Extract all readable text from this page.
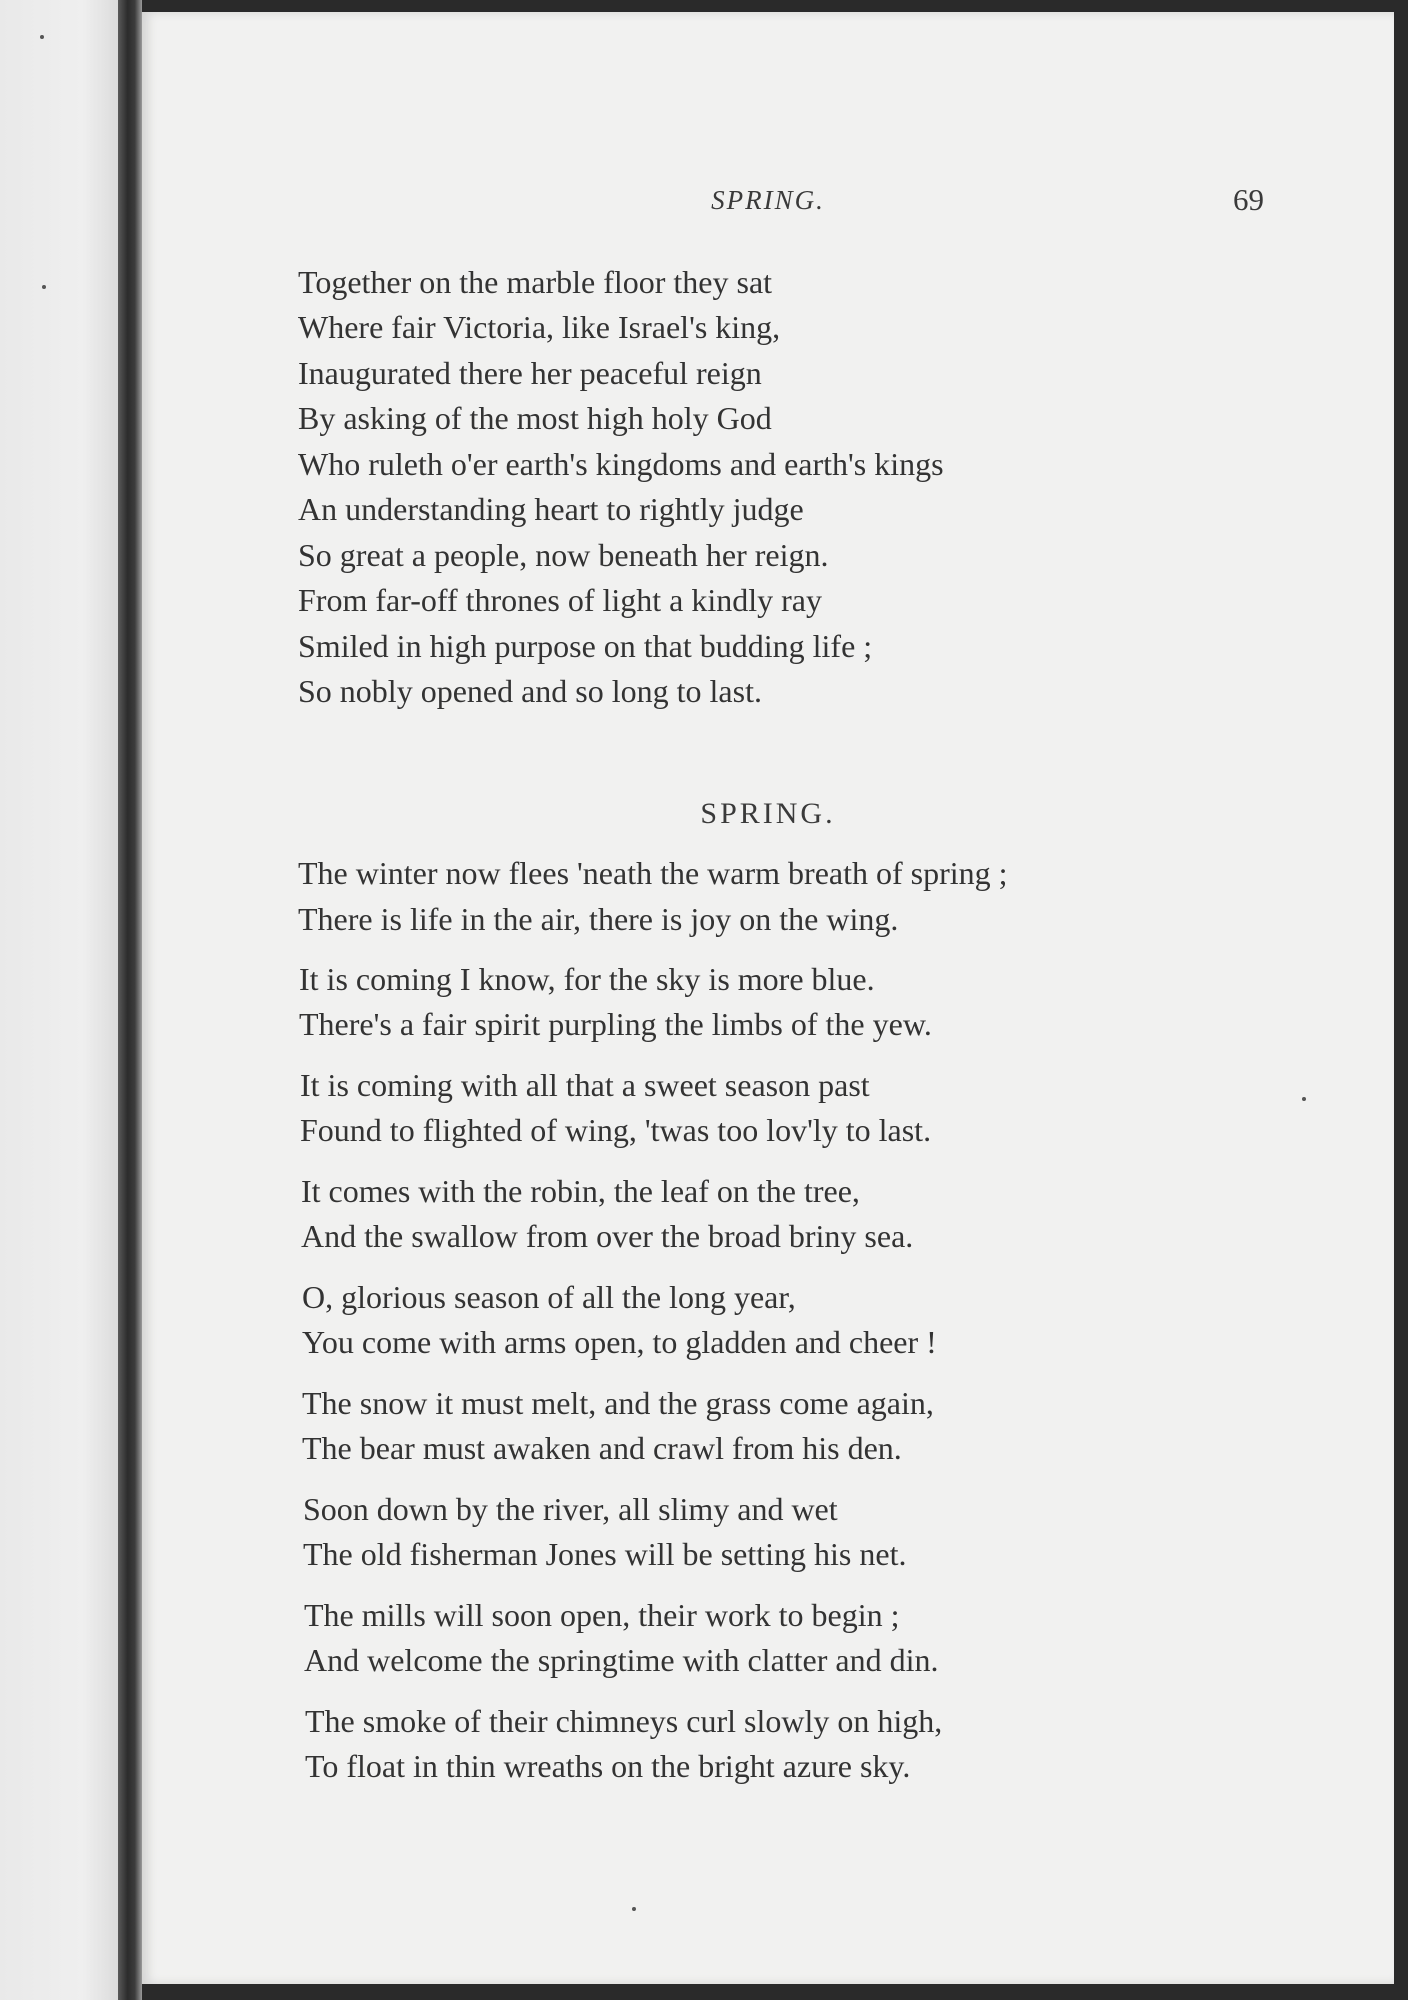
SPRING.	69
Together on the marble floor they sat
Where fair Victoria, like Israel's king,
Inaugurated there her peaceful reign
By asking of the most high holy God
Who ruleth o'er earth's kingdoms and earth's kings
An understanding heart to rightly judge
So great a people, now beneath her reign.
From far-off thrones of light a kindly ray
Smiled in high purpose on that budding life ;
So nobly opened and so long to last.
SPRING.
The winter now flees 'neath the warm breath of spring ;
There is life in the air, there is joy on the wing.
It is coming I know, for the sky is more blue.
There's a fair spirit purpling the limbs of the yew.
It is coming with all that a sweet season past
Found to flighted of wing, 'twas too lov'ly to last.
It comes with the robin, the leaf on the tree,
And the swallow from over the broad briny sea.
O, glorious season of all the long year,
You come with arms open, to gladden and cheer !
The snow it must melt, and the grass come again,
The bear must awaken and crawl from his den.
Soon down by the river, all slimy and wet
The old fisherman Jones will be setting his net.
The mills will soon open, their work to begin ;
And welcome the springtime with clatter and din.
The smoke of their chimneys curl slowly on high,
To float in thin wreaths on the bright azure sky.
